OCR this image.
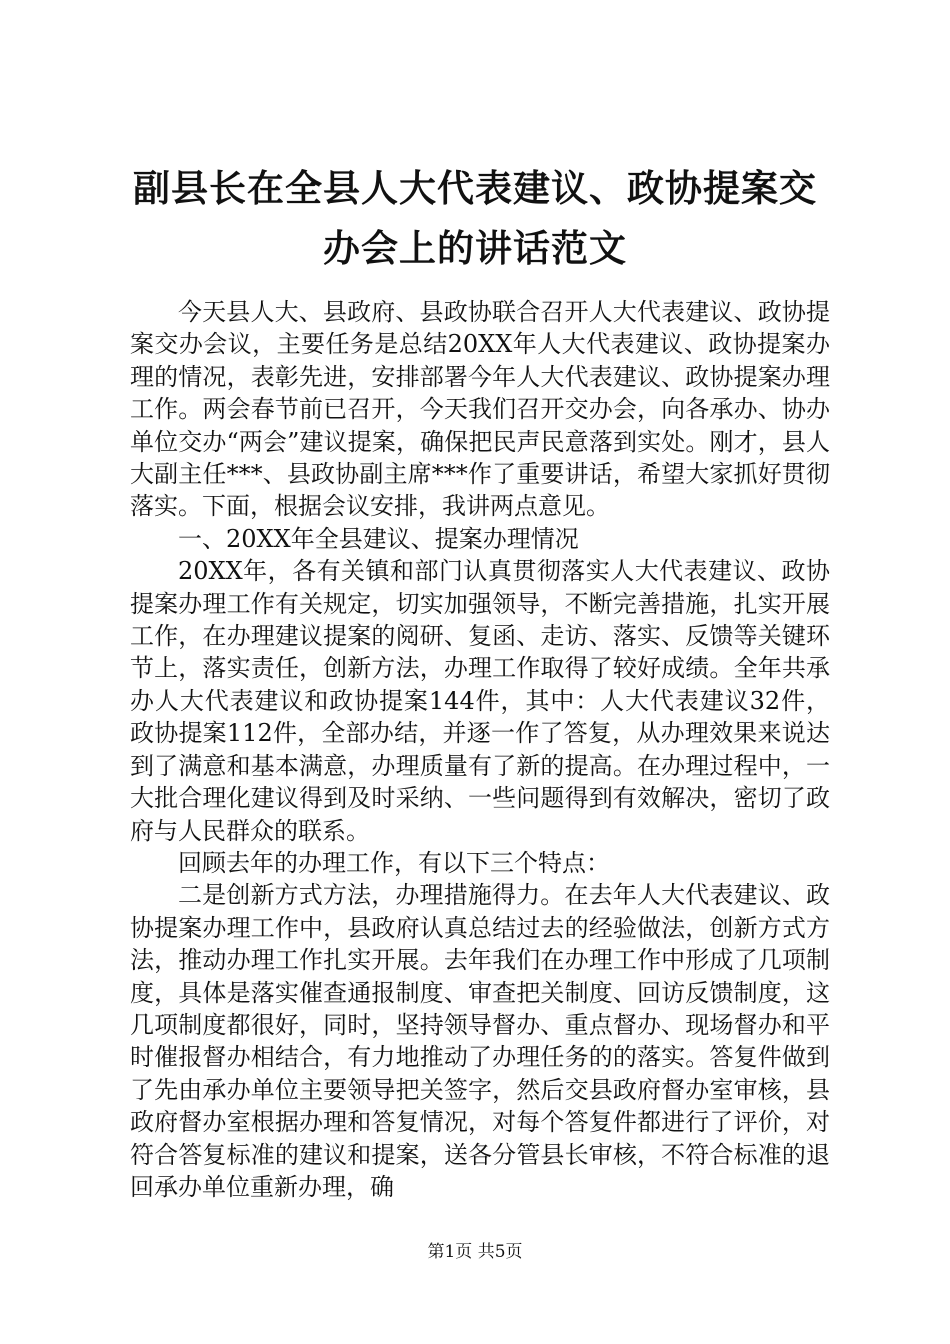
副县长在全县人大代表建议、政协提案交办会上的讲话范文

今天县人大、县政府、县政协联合召开人大代表建议、政协提案交办会议，主要任务是总结20XX年人大代表建议、政协提案办理的情况，表彰先进，安排部署今年人大代表建议、政协提案办理工作。两会春节前已召开，今天我们召开交办会，向各承办、协办单位交办“两会”建议提案，确保把民声民意落到实处。刚才，县人大副主任***、县政协副主席***作了重要讲话，希望大家抓好贯彻落实。下面，根据会议安排，我讲两点意见。

一、20XX年全县建议、提案办理情况

20XX年，各有关镇和部门认真贯彻落实人大代表建议、政协提案办理工作有关规定，切实加强领导，不断完善措施，扎实开展工作，在办理建议提案的阅研、复函、走访、落实、反馈等关键环节上，落实责任，创新方法，办理工作取得了较好成绩。全年共承办人大代表建议和政协提案144件，其中：人大代表建议32件，政协提案112件，全部办结，并逐一作了答复，从办理效果来说达到了满意和基本满意，办理质量有了新的提高。在办理过程中，一大批合理化建议得到及时采纳、一些问题得到有效解决，密切了政府与人民群众的联系。

回顾去年的办理工作，有以下三个特点：

二是创新方式方法，办理措施得力。在去年人大代表建议、政协提案办理工作中，县政府认真总结过去的经验做法，创新方式方法，推动办理工作扎实开展。去年我们在办理工作中形成了几项制度，具体是落实催查通报制度、审查把关制度、回访反馈制度，这几项制度都很好，同时，坚持领导督办、重点督办、现场督办和平时催报督办相结合，有力地推动了办理任务的的落实。答复件做到了先由承办单位主要领导把关签字，然后交县政府督办室审核，县政府督办室根据办理和答复情况，对每个答复件都进行了评价，对符合答复标准的建议和提案，送各分管县长审核，不符合标准的退回承办单位重新办理，确

第1页 共5页
